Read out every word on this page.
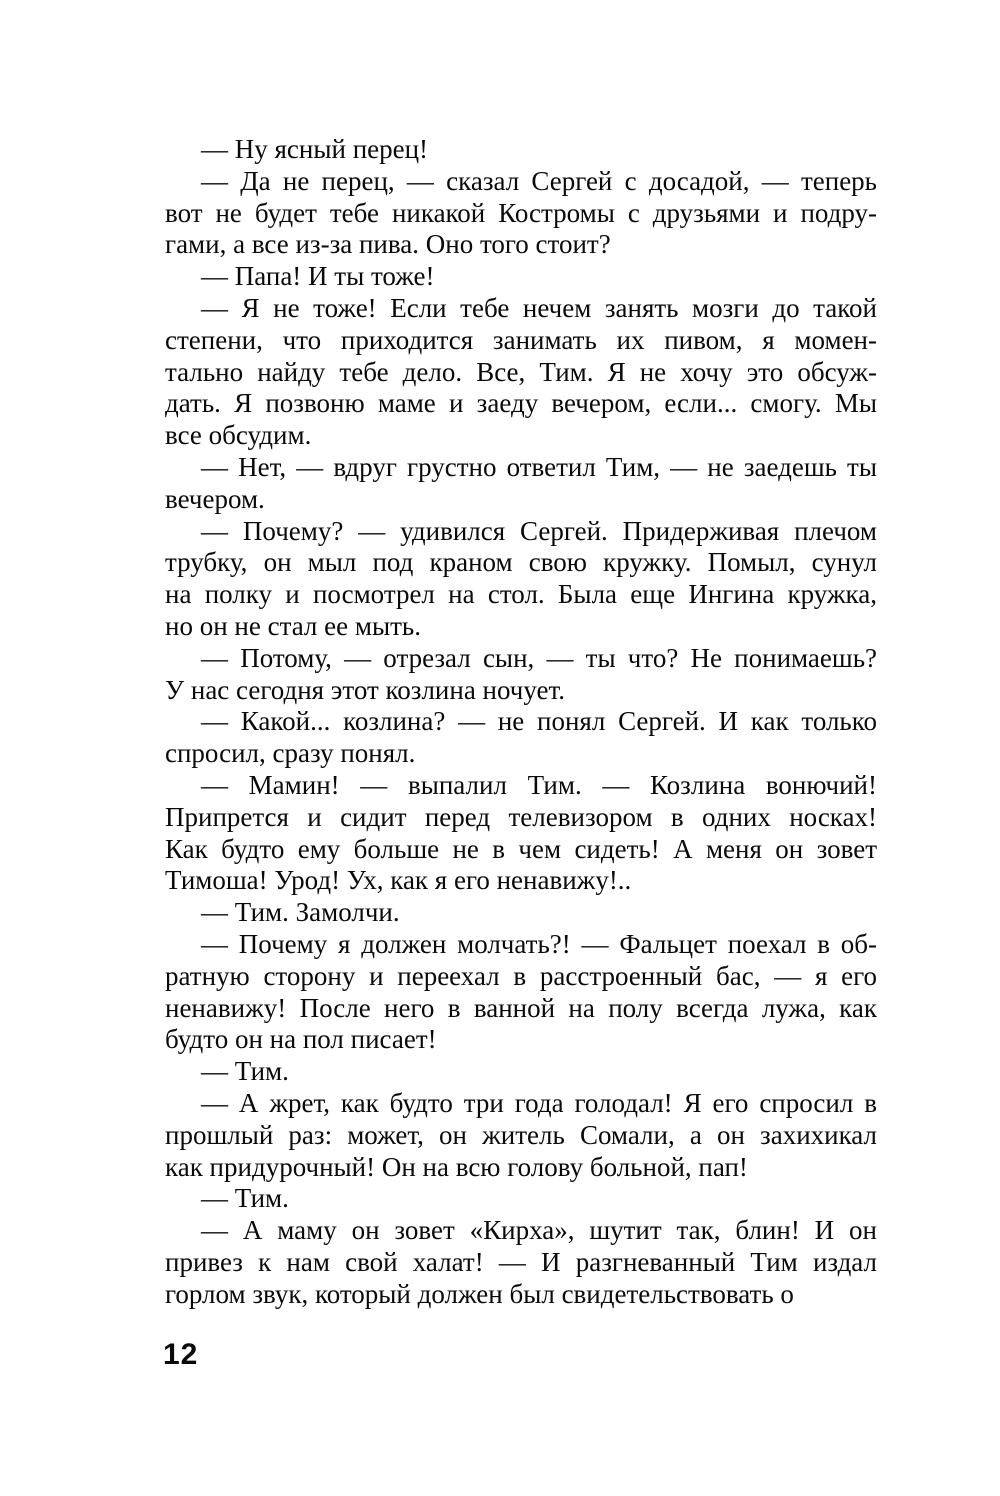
— Ну ясный перец!
— Да не перец, — сказал Сергей с досадой, — теперь
вот не будет тебе никакой Костромы с друзьями и подру-
гами, а все из-за пива. Оно того стоит?
— Папа! И ты тоже!
— Я не тоже! Если тебе нечем занять мозги до такой
степени, что приходится занимать их пивом, я момен-
тально найду тебе дело. Все, Тим. Я не хочу это обсуж-
дать. Я позвоню маме и заеду вечером, если... смогу. Мы
все обсудим.
— Нет, — вдруг грустно ответил Тим, — не заедешь ты
вечером.
— Почему? — удивился Сергей. Придерживая плечом
трубку, он мыл под краном свою кружку. Помыл, сунул
на полку и посмотрел на стол. Была еще Ингина кружка,
но он не стал ее мыть.
— Потому, — отрезал сын, — ты что? Не понимаешь?
У нас сегодня этот козлина ночует.
— Какой... козлина? — не понял Сергей. И как только
спросил, сразу понял.
— Мамин! — выпалил Тим. — Козлина вонючий!
Припрется и сидит перед телевизором в одних носках!
Как будто ему больше не в чем сидеть! А меня он зовет
Тимоша! Урод! Ух, как я его ненавижу!..
— Тим. Замолчи.
— Почему я должен молчать?! — Фальцет поехал в об-
ратную сторону и переехал в расстроенный бас, — я его
ненавижу! После него в ванной на полу всегда лужа, как
будто он на пол писает!
— Тим.
— А жрет, как будто три года голодал! Я его спросил в
прошлый раз: может, он житель Сомали, а он захихикал
как придурочный! Он на всю голову больной, пап!
— Тим.
— А маму он зовет «Кирха», шутит так, блин! И он
привез к нам свой халат! — И разгневанный Тим издал
горлом звук, который должен был свидетельствовать о
12
